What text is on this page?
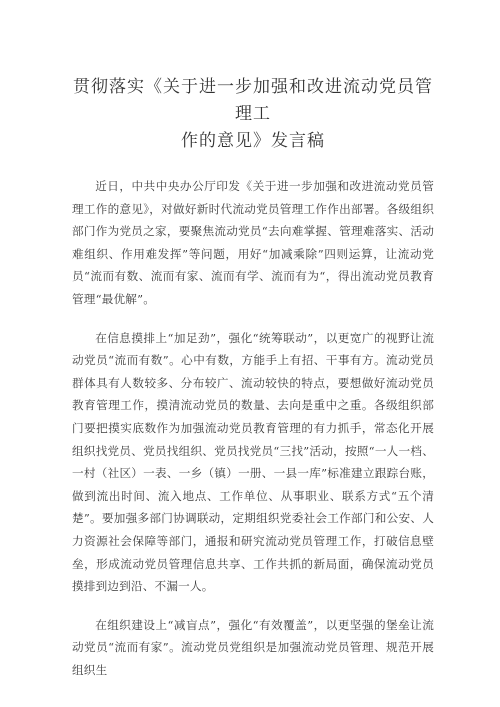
贯彻落实《关于进一步加强和改进流动党员管理工
作的意见》发言稿

近日，中共中央办公厅印发《关于进一步加强和改进流动党员管理工作的意见》，对做好新时代流动党员管理工作作出部署。各级组织部门作为党员之家，要聚焦流动党员“去向难掌握、管理难落实、活动难组织、作用难发挥”等问题，用好“加减乘除”四则运算，让流动党员“流而有数、流而有家、流而有学、流而有为“，得出流动党员教育管理“最优解”。

在信息摸排上“加足劲”，强化“统筹联动”，以更宽广的视野让流动党员“流而有数”。心中有数，方能手上有招、干事有方。流动党员群体具有人数较多、分布较广、流动较快的特点，要想做好流动党员教育管理工作，摸清流动党员的数量、去向是重中之重。各级组织部门要把摸实底数作为加强流动党员教育管理的有力抓手，常态化开展组织找党员、党员找组织、党员找党员“三找”活动，按照“一人一档、一村（社区）一表、一乡（镇）一册、一县一库”标准建立跟踪台账，做到流出时间、流入地点、工作单位、从事职业、联系方式“五个清楚”。要加强多部门协调联动，定期组织党委社会工作部门和公安、人力资源社会保障等部门，通报和研究流动党员管理工作，打破信息壁垒，形成流动党员管理信息共享、工作共抓的新局面，确保流动党员摸排到边到沿、不漏一人。

在组织建设上“减盲点”，强化“有效覆盖”，以更坚强的堡垒让流动党员“流而有家”。流动党员党组织是加强流动党员管理、规范开展组织生
